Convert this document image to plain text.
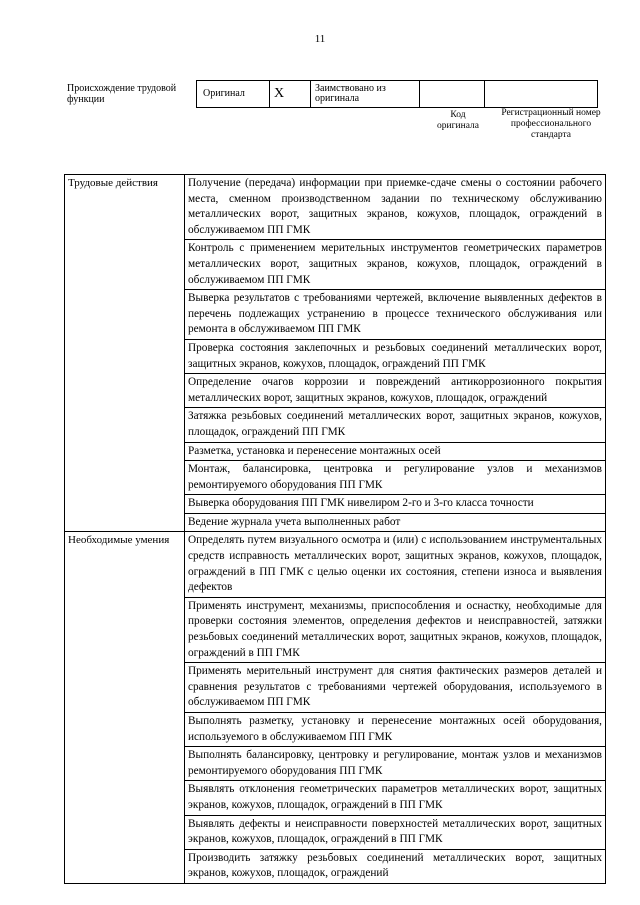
11
Происхождение трудовой функции
Оригинал	X	Заимствовано из оригинала		
Код оригинала
Регистрационный номер профессионального стандарта
Трудовые действия	Получение (передача) информации при приемке-сдаче смены о состоянии рабочего места, сменном производственном задании по техническому обслуживанию металлических ворот, защитных экранов, кожухов, площадок, ограждений в обслуживаемом ПП ГМК
	Контроль с применением мерительных инструментов геометрических параметров металлических ворот, защитных экранов, кожухов, площадок, ограждений в обслуживаемом ПП ГМК
	Выверка результатов с требованиями чертежей, включение выявленных дефектов в перечень подлежащих устранению в процессе технического обслуживания или ремонта в обслуживаемом ПП ГМК
	Проверка состояния заклепочных и резьбовых соединений металлических ворот, защитных экранов, кожухов, площадок, ограждений ПП ГМК
	Определение очагов коррозии и повреждений антикоррозионного покрытия металлических ворот, защитных экранов, кожухов, площадок, ограждений
	Затяжка резьбовых соединений металлических ворот, защитных экранов, кожухов, площадок, ограждений ПП ГМК
	Разметка, установка и перенесение монтажных осей
	Монтаж, балансировка, центровка и регулирование узлов и механизмов ремонтируемого оборудования ПП ГМК
	Выверка оборудования ПП ГМК нивелиром 2-го и 3-го класса точности
	Ведение журнала учета выполненных работ
Необходимые умения	Определять путем визуального осмотра и (или) с использованием инструментальных средств исправность металлических ворот, защитных экранов, кожухов, площадок, ограждений в ПП ГМК с целью оценки их состояния, степени износа и выявления дефектов
	Применять инструмент, механизмы, приспособления и оснастку, необходимые для проверки состояния элементов, определения дефектов и неисправностей, затяжки резьбовых соединений металлических ворот, защитных экранов, кожухов, площадок, ограждений в ПП ГМК
	Применять мерительный инструмент для снятия фактических размеров деталей и сравнения результатов с требованиями чертежей оборудования, используемого в обслуживаемом ПП ГМК
	Выполнять разметку, установку и перенесение монтажных осей оборудования, используемого в обслуживаемом ПП ГМК
	Выполнять балансировку, центровку и регулирование, монтаж узлов и механизмов ремонтируемого оборудования ПП ГМК
	Выявлять отклонения геометрических параметров металлических ворот, защитных экранов, кожухов, площадок, ограждений в ПП ГМК
	Выявлять дефекты и неисправности поверхностей металлических ворот, защитных экранов, кожухов, площадок, ограждений в ПП ГМК
	Производить затяжку резьбовых соединений металлических ворот, защитных экранов, кожухов, площадок, ограждений
